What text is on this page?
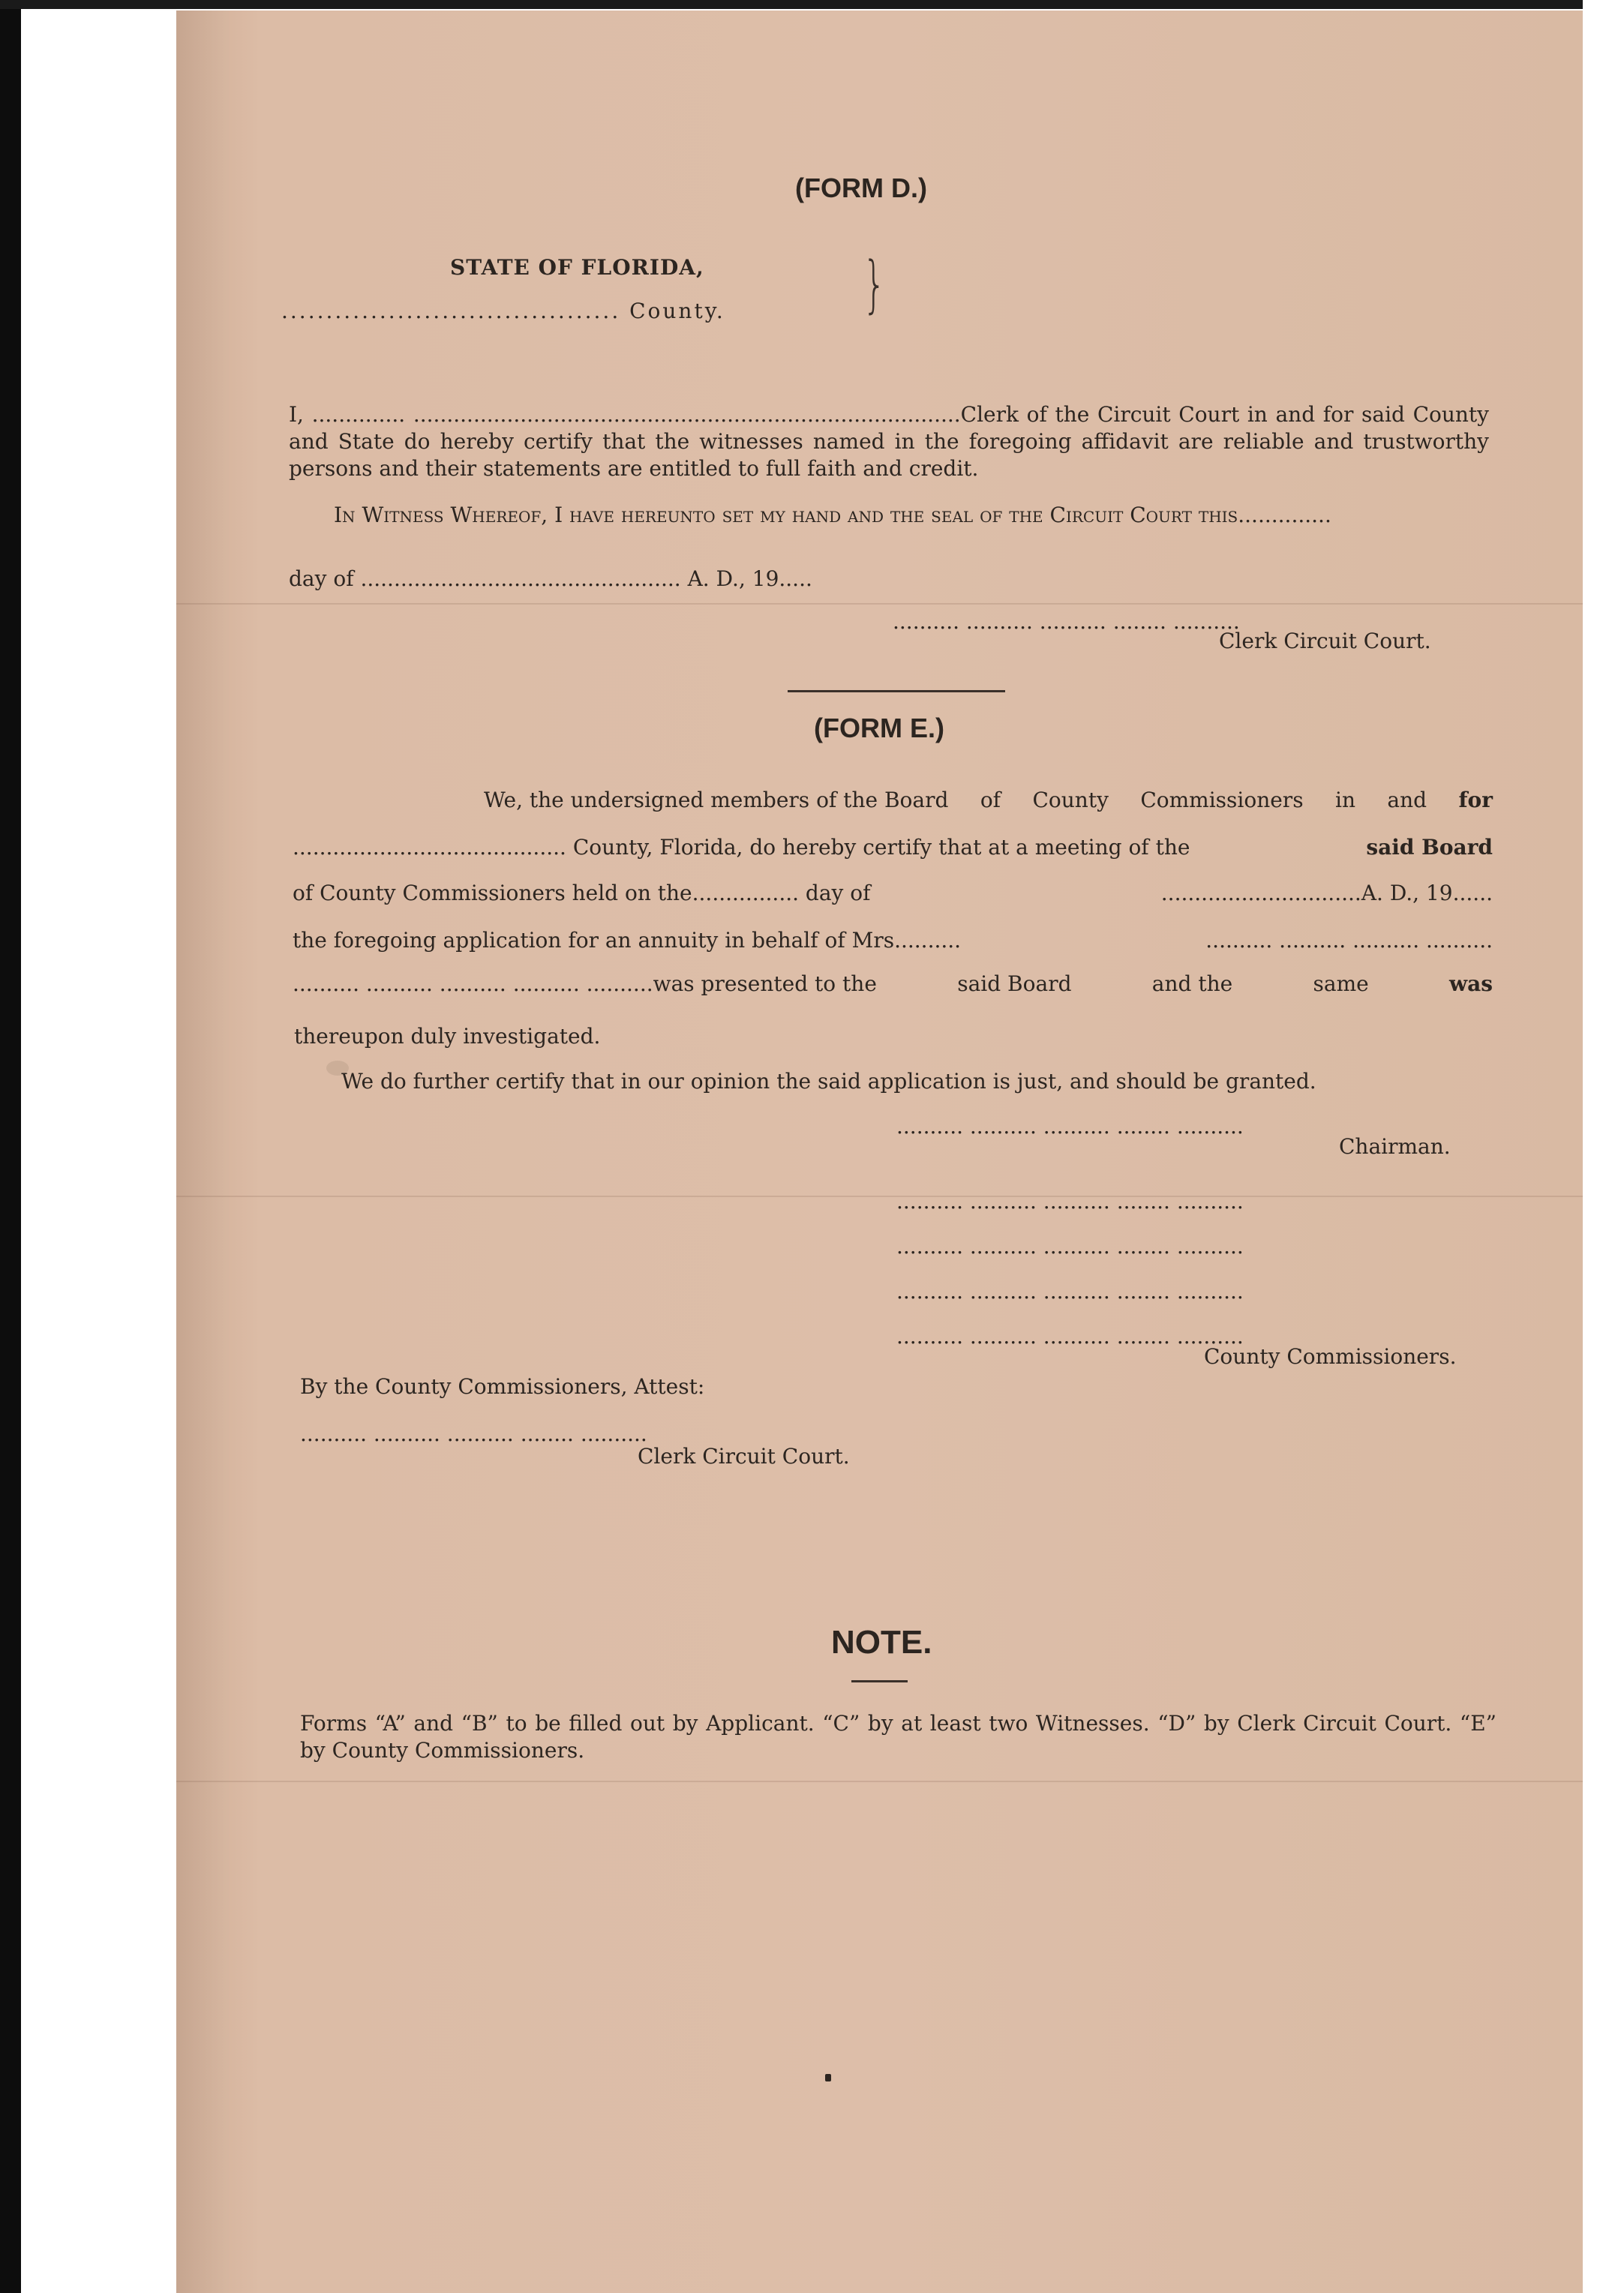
(FORM D.)
STATE OF FLORIDA,
...................................... County. }
I, .............. ..................................................................................Clerk of the Circuit Court in and for said County and State do hereby certify that the witnesses named in the foregoing affidavit are reliable and trustworthy persons and their statements are entitled to full faith and credit.
In Witness Whereof, I have hereunto set my hand and the seal of the Circuit Court this..............
day of ................................................ A. D., 19.....
.......... .......... .......... ........ ..........
Clerk Circuit Court.
(FORM E.)
We, the undersigned members of the Board of County Commissioners in and for
......................................... County, Florida, do hereby certify that at a meeting of the	said Board
of County Commissioners held on the................ day of	..............................A. D., 19......
the foregoing application for an annuity in behalf of Mrs..........	.......... .......... .......... ..........
.......... .......... .......... .......... ..........was presented to the	said Board	and the	same	was
thereupon duly investigated.
We do further certify that in our opinion the said application is just, and should be granted.
.......... .......... .......... ........ ..........
Chairman.
.......... .......... .......... ........ ..........
.......... .......... .......... ........ ..........
.......... .......... .......... ........ ..........
.......... .......... .......... ........ ..........
County Commissioners.
By the County Commissioners, Attest:
.......... .......... .......... ........ ..........
Clerk Circuit Court.
NOTE.
Forms “A” and “B” to be filled out by Applicant. “C” by at least two Witnesses. “D” by Clerk Circuit Court. “E” by County Commissioners.
